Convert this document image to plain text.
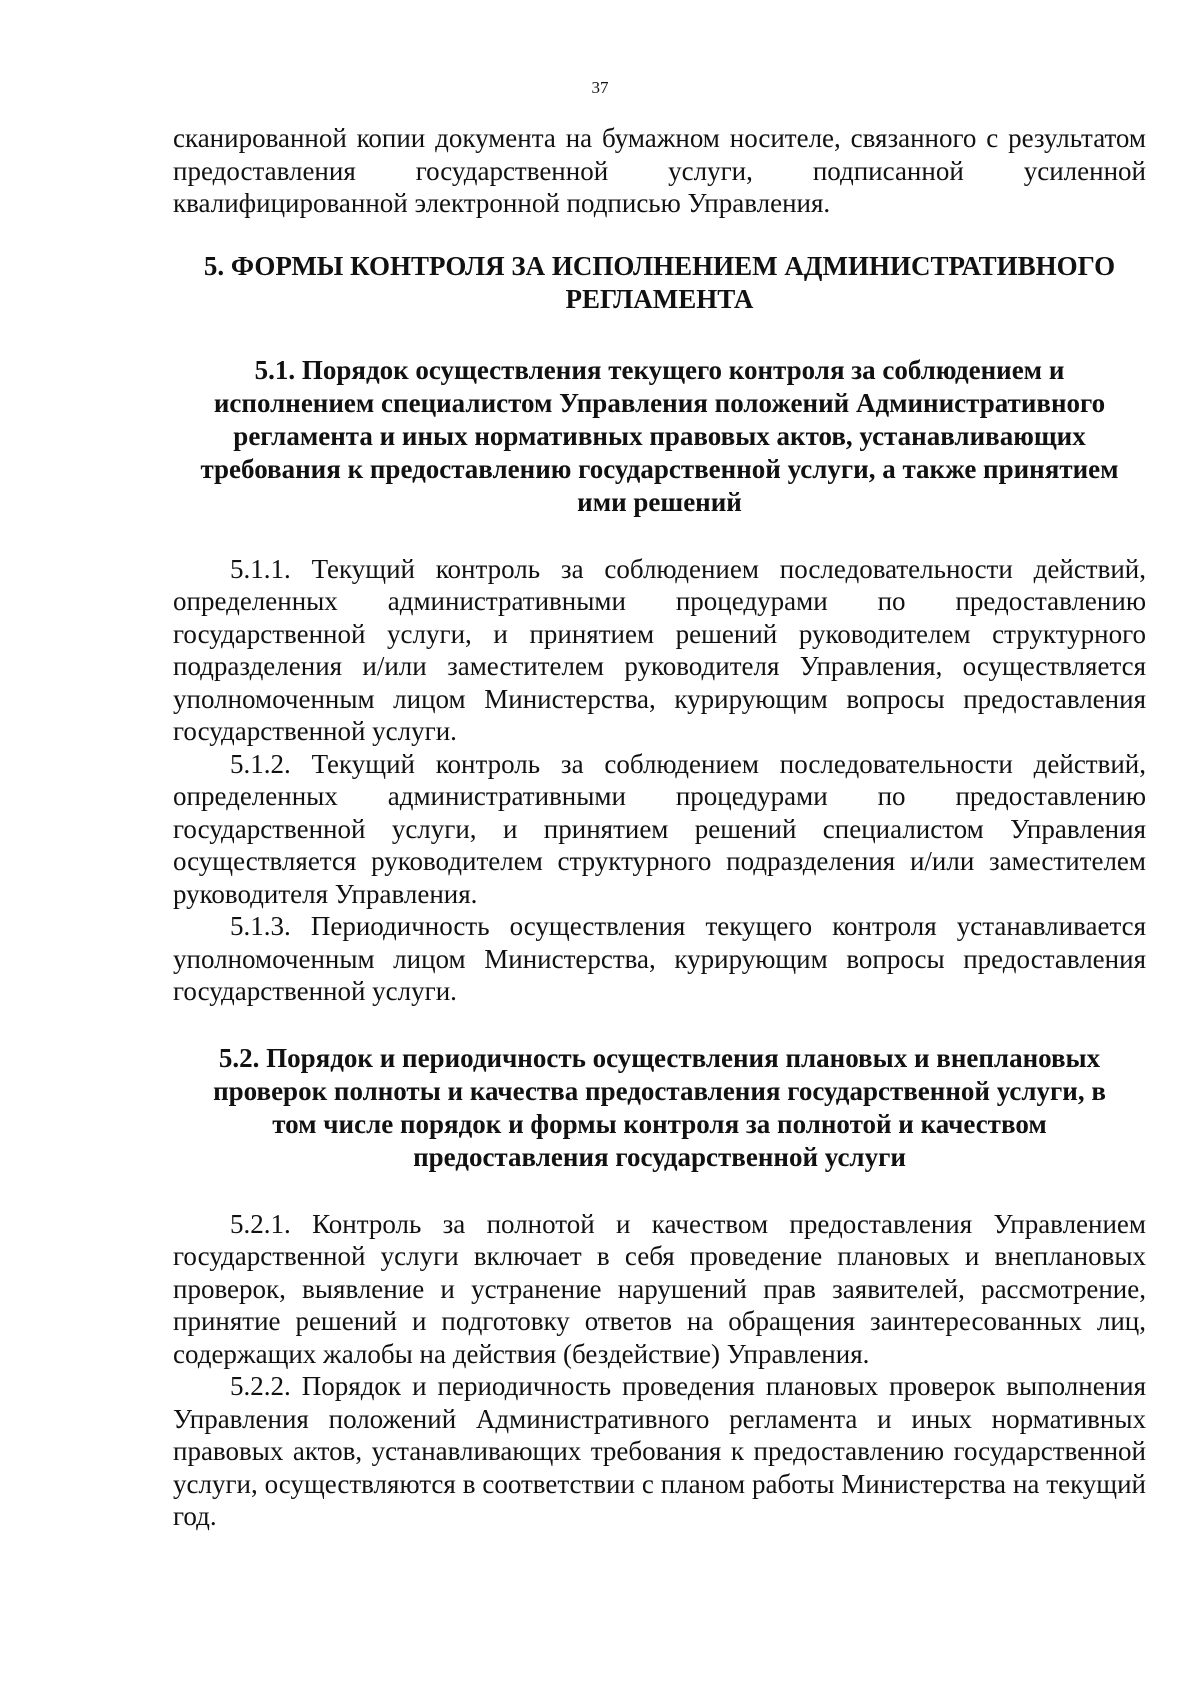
37

сканированной копии документа на бумажном носителе, связанного с результатом предоставления государственной услуги, подписанной усиленной квалифицированной электронной подписью Управления.

5. ФОРМЫ КОНТРОЛЯ ЗА ИСПОЛНЕНИЕМ АДМИНИСТРАТИВНОГО
РЕГЛАМЕНТА
5.1. Порядок осуществления текущего контроля за соблюдением и
исполнением специалистом Управления положений Административного
регламента и иных нормативных правовых актов, устанавливающих
требования к предоставлению государственной услуги, а также принятием
ими решений

5.1.1. Текущий контроль за соблюдением последовательности действий, определенных административными процедурами по предоставлению государственной услуги, и принятием решений руководителем структурного подразделения и/или заместителем руководителя Управления, осуществляется уполномоченным лицом Министерства, курирующим вопросы предоставления государственной услуги.

5.1.2. Текущий контроль за соблюдением последовательности действий, определенных административными процедурами по предоставлению государственной услуги, и принятием решений специалистом Управления осуществляется руководителем структурного подразделения и/или заместителем руководителя Управления.

5.1.3. Периодичность осуществления текущего контроля устанавливается уполномоченным лицом Министерства, курирующим вопросы предоставления государственной услуги.

5.2. Порядок и периодичность осуществления плановых и внеплановых
проверок полноты и качества предоставления государственной услуги, в
том числе порядок и формы контроля за полнотой и качеством
предоставления государственной услуги

5.2.1. Контроль за полнотой и качеством предоставления Управлением государственной услуги включает в себя проведение плановых и внеплановых проверок, выявление и устранение нарушений прав заявителей, рассмотрение, принятие решений и подготовку ответов на обращения заинтересованных лиц, содержащих жалобы на действия (бездействие) Управления.

5.2.2. Порядок и периодичность проведения плановых проверок выполнения Управления положений Административного регламента и иных нормативных правовых актов, устанавливающих требования к предоставлению государственной услуги, осуществляются в соответствии с планом работы Министерства на текущий год.
